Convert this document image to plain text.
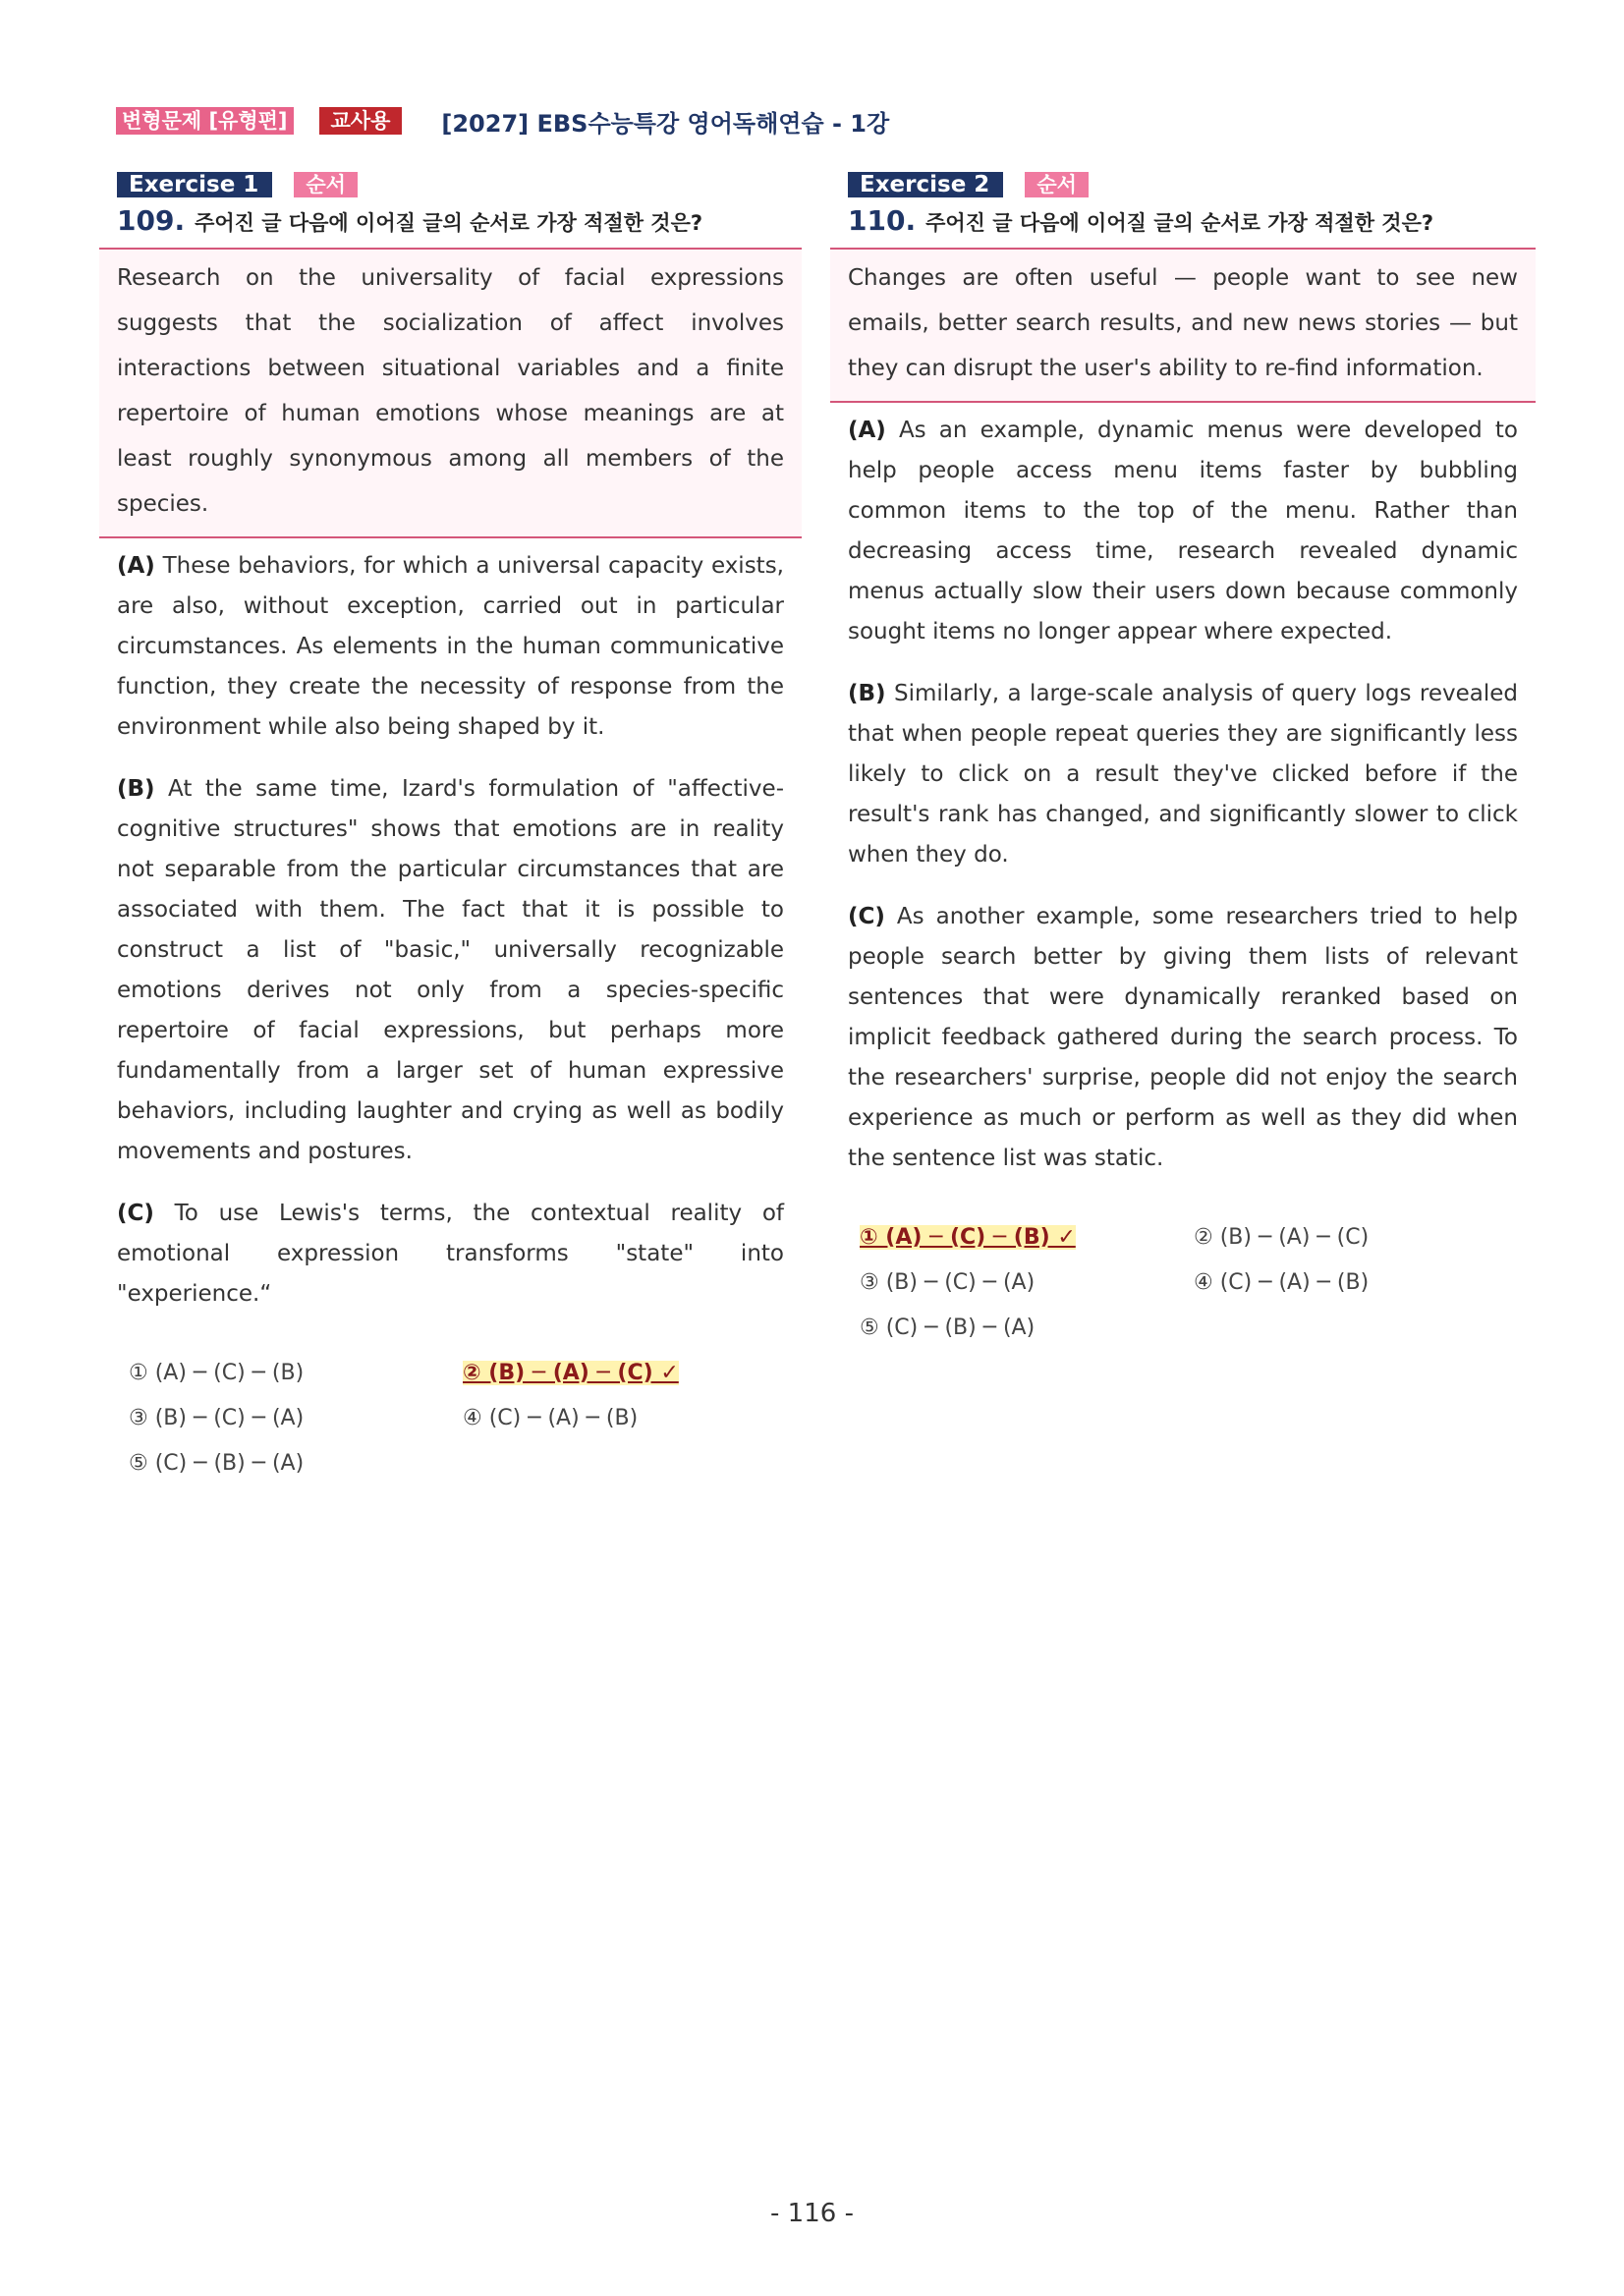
변형문제 [유형편]	교사용	[2027] EBS수능특강 영어독해연습 - 1강
Exercise 1	순서
109. 주어진 글 다음에 이어질 글의 순서로 가장 적절한 것은?
Research on the universality of facial expressions suggests that the socialization of affect involves interactions between situational variables and a finite repertoire of human emotions whose meanings are at least roughly synonymous among all members of the species.
(A) These behaviors, for which a universal capacity exists, are also, without exception, carried out in particular circumstances. As elements in the human communicative function, they create the necessity of response from the environment while also being shaped by it.
(B) At the same time, Izard's formulation of "affective-cognitive structures" shows that emotions are in reality not separable from the particular circumstances that are associated with them. The fact that it is possible to construct a list of "basic," universally recognizable emotions derives not only from a species-specific repertoire of facial expressions, but perhaps more fundamentally from a larger set of human expressive behaviors, including laughter and crying as well as bodily movements and postures.
(C) To use Lewis's terms, the contextual reality of emotional expression transforms "state" into "experience.“
① (A) ─ (C) ─ (B)	② (B) ─ (A) ─ (C) ✓
③ (B) ─ (C) ─ (A)	④ (C) ─ (A) ─ (B)
⑤ (C) ─ (B) ─ (A)
Exercise 2	순서
110. 주어진 글 다음에 이어질 글의 순서로 가장 적절한 것은?
Changes are often useful — people want to see new emails, better search results, and new news stories — but they can disrupt the user's ability to re-find information.
(A) As an example, dynamic menus were developed to help people access menu items faster by bubbling common items to the top of the menu. Rather than decreasing access time, research revealed dynamic menus actually slow their users down because commonly sought items no longer appear where expected.
(B) Similarly, a large-scale analysis of query logs revealed that when people repeat queries they are significantly less likely to click on a result they've clicked before if the result's rank has changed, and significantly slower to click when they do.
(C) As another example, some researchers tried to help people search better by giving them lists of relevant sentences that were dynamically reranked based on implicit feedback gathered during the search process. To the researchers' surprise, people did not enjoy the search experience as much or perform as well as they did when the sentence list was static.
① (A) ─ (C) ─ (B) ✓	② (B) ─ (A) ─ (C)
③ (B) ─ (C) ─ (A)	④ (C) ─ (A) ─ (B)
⑤ (C) ─ (B) ─ (A)
- 116 -
